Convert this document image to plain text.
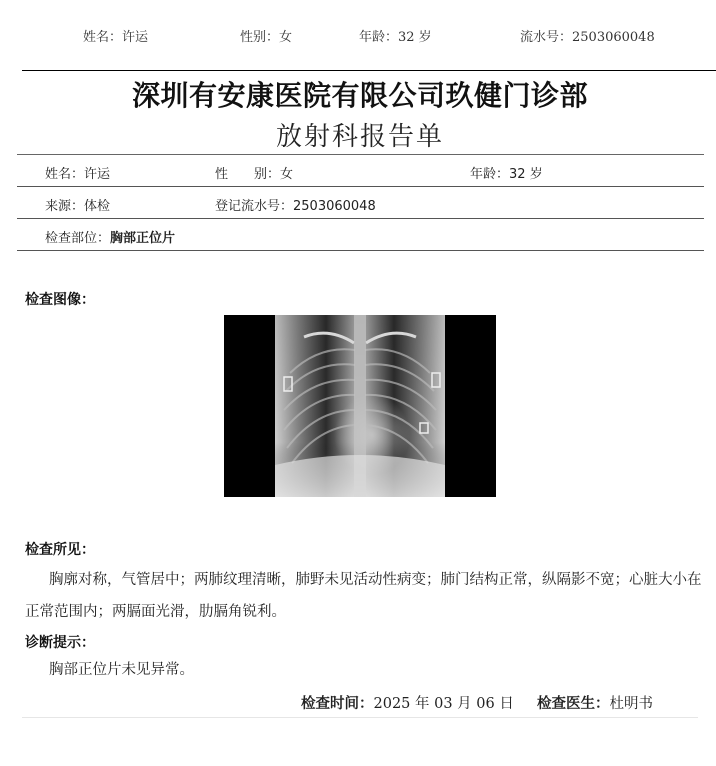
姓名：许运	性别：女	年龄：32 岁	流水号：2503060048
深圳有安康医院有限公司玖健门诊部
放射科报告单
姓名：许运	性　　别：女	年龄：32 岁
来源：体检	登记流水号：2503060048
检查部位：胸部正位片
检查图像：
检查所见：
胸廓对称，气管居中；两肺纹理清晰，肺野未见活动性病变；肺门结构正常，纵隔影不宽；心脏大小在正常范围内；两膈面光滑，肋膈角锐利。
诊断提示：
胸部正位片未见异常。
检查时间：2025 年 03 月 06 日 检查医生：杜明书
